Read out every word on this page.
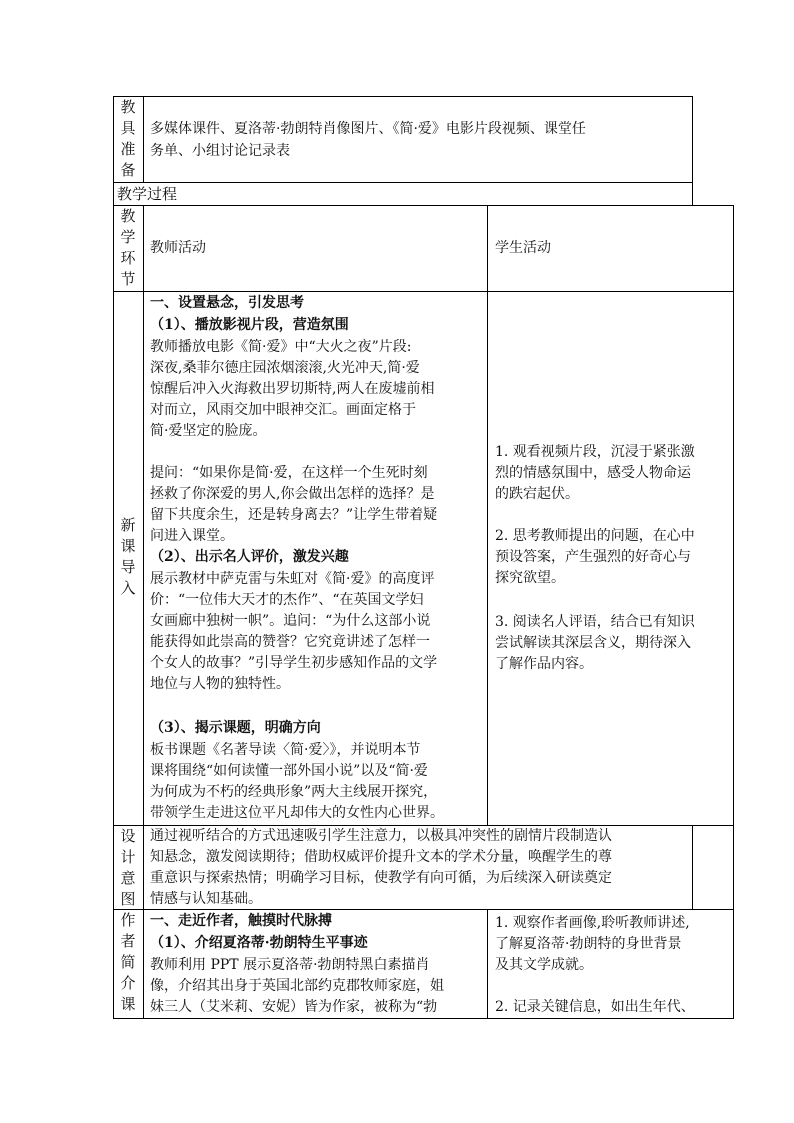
教
具
准
备
多媒体课件、夏洛蒂·勃朗特肖像图片、《简·爱》电影片段视频、课堂任
务单、小组讨论记录表
教学过程
教
学
环
节
教师活动	学生活动
新
课
导
入
一、设置悬念，引发思考
（1）、播放影视片段，营造氛围
教师播放电影《简·爱》中“大火之夜”片段:
深夜,桑菲尔德庄园浓烟滚滚,火光冲天,简·爱
惊醒后冲入火海救出罗切斯特,两人在废墟前相
对而立，风雨交加中眼神交汇。画面定格于
简·爱坚定的脸庞。
提问：“如果你是简·爱，在这样一个生死时刻
拯救了你深爱的男人,你会做出怎样的选择？是
留下共度余生，还是转身离去？”让学生带着疑
问进入课堂。
（2）、出示名人评价，激发兴趣
展示教材中萨克雷与朱虹对《简·爱》的高度评
价：“一位伟大天才的杰作”、“在英国文学妇
女画廊中独树一帜”。追问：“为什么这部小说
能获得如此崇高的赞誉？它究竟讲述了怎样一
个女人的故事？”引导学生初步感知作品的文学
地位与人物的独特性。
（3）、揭示课题，明确方向
板书课题《名著导读〈简·爱〉》，并说明本节
课将围绕“如何读懂一部外国小说”以及“简·爱
为何成为不朽的经典形象”两大主线展开探究，
带领学生走进这位平凡却伟大的女性内心世界。
1. 观看视频片段，沉浸于紧张激
烈的情感氛围中，感受人物命运
的跌宕起伏。
2. 思考教师提出的问题，在心中
预设答案，产生强烈的好奇心与
探究欲望。
3. 阅读名人评语，结合已有知识
尝试解读其深层含义，期待深入
了解作品内容。
设
计
意
图
通过视听结合的方式迅速吸引学生注意力，以极具冲突性的剧情片段制造认
知悬念，激发阅读期待；借助权威评价提升文本的学术分量，唤醒学生的尊
重意识与探索热情；明确学习目标，使教学有向可循，为后续深入研读奠定
情感与认知基础。
作
者
简
介
课
一、走近作者，触摸时代脉搏
（1）、介绍夏洛蒂·勃朗特生平事迹
教师利用 PPT 展示夏洛蒂·勃朗特黑白素描肖
像，介绍其出身于英国北部约克郡牧师家庭，姐
妹三人（艾米莉、安妮）皆为作家，被称为“勃
1. 观察作者画像,聆听教师讲述,
了解夏洛蒂·勃朗特的身世背景
及其文学成就。
2. 记录关键信息，如出生年代、
